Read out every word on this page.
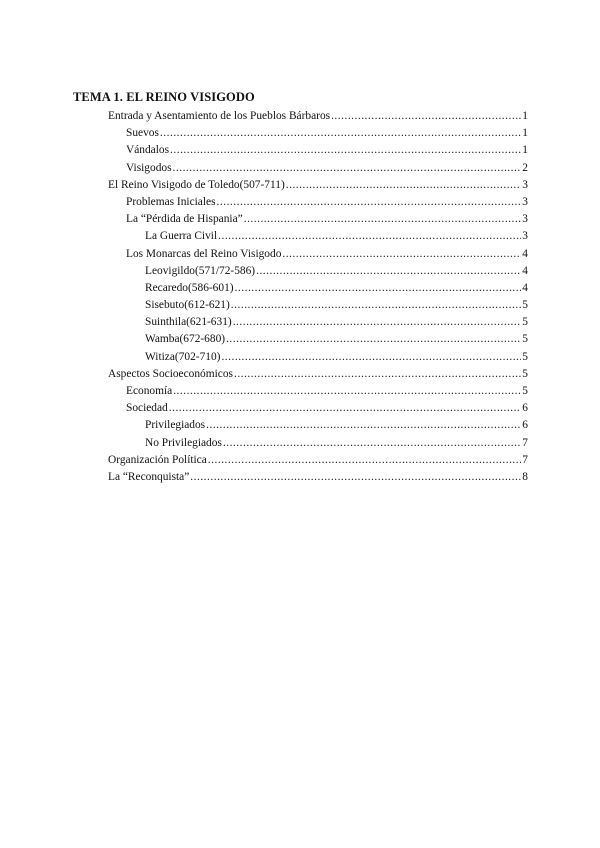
TEMA 1. EL REINO VISIGODO
Entrada y Asentamiento de los Pueblos Bárbaros .....	1
Suevos .....	1
Vándalos .....	1
Visigodos .....	2
El Reino Visigodo de Toledo(507-711) .....	3
Problemas Iniciales .....	3
La “Pérdida de Hispania” .....	3
La Guerra Civil .....	3
Los Monarcas del Reino Visigodo .....	4
Leovigildo(571/72-586) .....	4
Recaredo(586-601) .....	4
Sisebuto(612-621) .....	5
Suinthila(621-631) .....	5
Wamba(672-680) .....	5
Witiza(702-710) .....	5
Aspectos Socioeconómicos .....	5
Economía .....	5
Sociedad .....	6
Privilegiados .....	6
No Privilegiados .....	7
Organización Política .....	7
La “Reconquista” .....	8
